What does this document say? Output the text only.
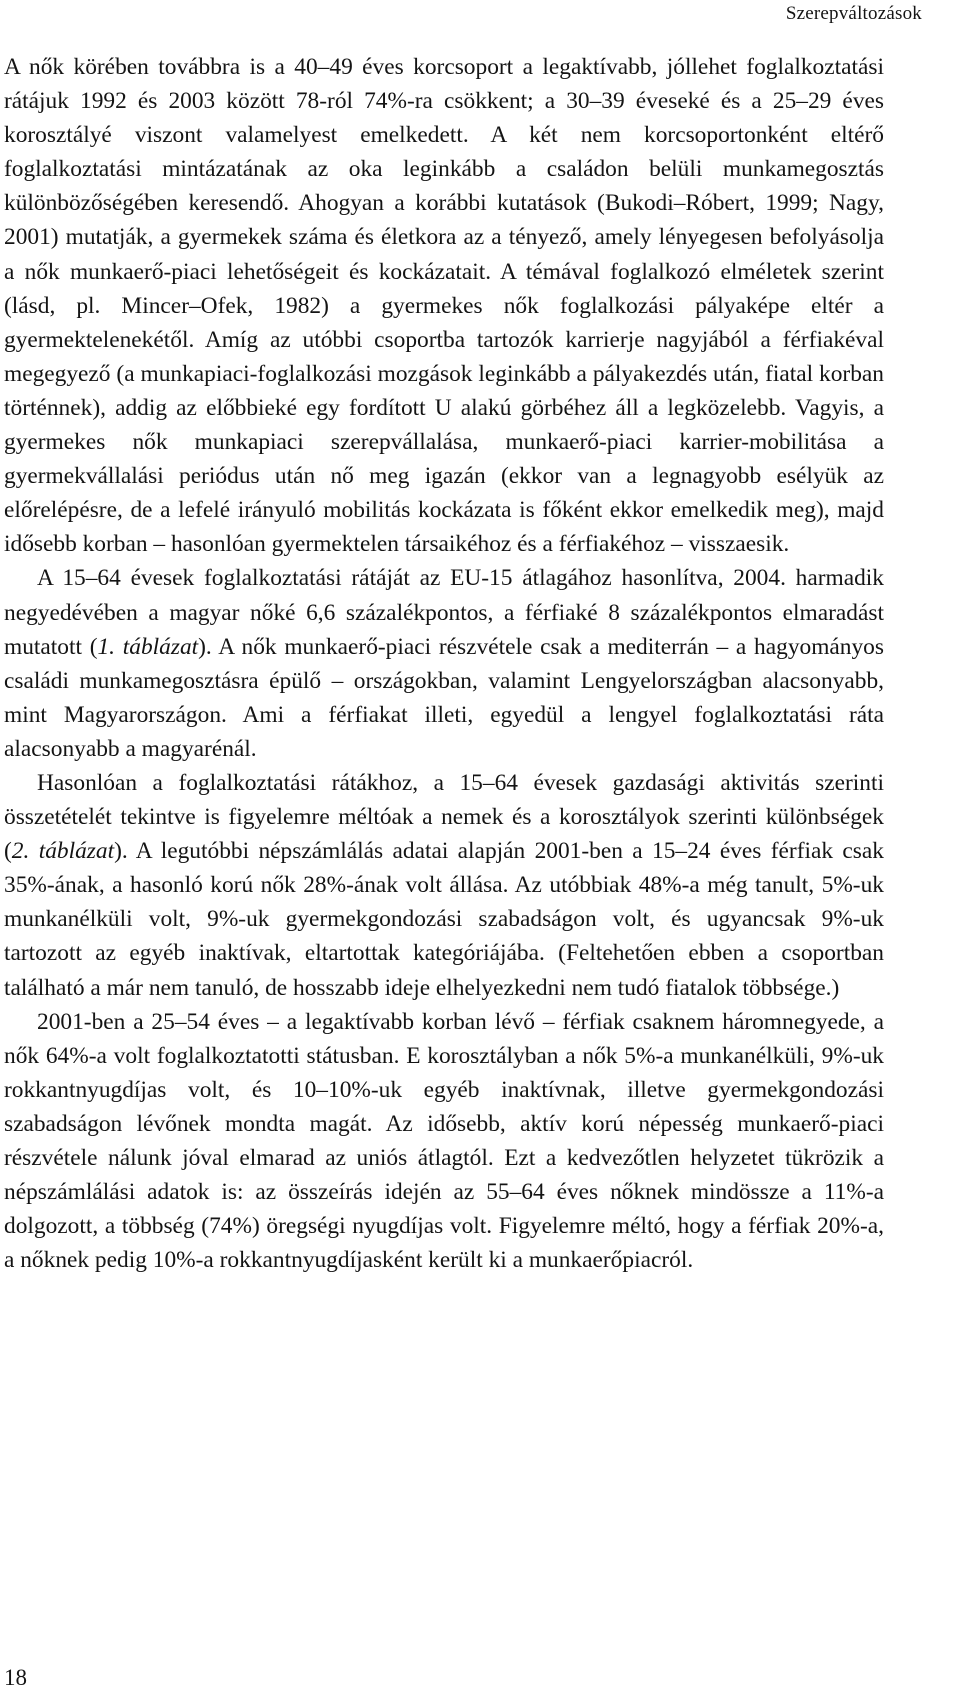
Szerepváltozások

A nők körében továbbra is a 40–49 éves korcsoport a legaktívabb, jóllehet foglalkoztatási rátájuk 1992 és 2003 között 78-ról 74%-ra csökkent; a 30–39 éveseké és a 25–29 éves korosztályé viszont valamelyest emelkedett. A két nem korcsoportonként eltérő foglalkoztatási mintázatának az oka leginkább a családon belüli munkamegosztás különbözőségében keresendő. Ahogyan a korábbi kutatások (Bukodi–Róbert, 1999; Nagy, 2001) mutatják, a gyermekek száma és életkora az a tényező, amely lényegesen befolyásolja a nők munkaerő-piaci lehetőségeit és kockázatait. A témával foglalkozó elméletek szerint (lásd, pl. Mincer–Ofek, 1982) a gyermekes nők foglalkozási pályaképe eltér a gyermektelenekétől. Amíg az utóbbi csoportba tartozók karrierje nagyjából a férfiakéval megegyező (a munkapiaci-foglalkozási mozgások leginkább a pályakezdés után, fiatal korban történnek), addig az előbbieké egy fordított U alakú görbéhez áll a legközelebb. Vagyis, a gyermekes nők munkapiaci szerepvállalása, munkaerő-piaci karrier-mobilitása a gyermekvállalási periódus után nő meg igazán (ekkor van a legnagyobb esélyük az előrelépésre, de a lefelé irányuló mobilitás kockázata is főként ekkor emelkedik meg), majd idősebb korban – hasonlóan gyermektelen társaikéhoz és a férfiakéhoz – visszaesik.

A 15–64 évesek foglalkoztatási rátáját az EU-15 átlagához hasonlítva, 2004. harmadik negyedévében a magyar nőké 6,6 százalékpontos, a férfiaké 8 százalékpontos elmaradást mutatott (1. táblázat). A nők munkaerő-piaci részvétele csak a mediterrán – a hagyományos családi munkamegosztásra épülő – országokban, valamint Lengyelországban alacsonyabb, mint Magyarországon. Ami a férfiakat illeti, egyedül a lengyel foglalkoztatási ráta alacsonyabb a magyarénál.

Hasonlóan a foglalkoztatási rátákhoz, a 15–64 évesek gazdasági aktivitás szerinti összetételét tekintve is figyelemre méltóak a nemek és a korosztályok szerinti különbségek (2. táblázat). A legutóbbi népszámlálás adatai alapján 2001-ben a 15–24 éves férfiak csak 35%-ának, a hasonló korú nők 28%-ának volt állása. Az utóbbiak 48%-a még tanult, 5%-uk munkanélküli volt, 9%-uk gyermekgondozási szabadságon volt, és ugyancsak 9%-uk tartozott az egyéb inaktívak, eltartottak kategóriájába. (Feltehetően ebben a csoportban található a már nem tanuló, de hosszabb ideje elhelyezkedni nem tudó fiatalok többsége.)

2001-ben a 25–54 éves – a legaktívabb korban lévő – férfiak csaknem háromnegyede, a nők 64%-a volt foglalkoztatotti státusban. E korosztályban a nők 5%-a munkanélküli, 9%-uk rokkantnyugdíjas volt, és 10–10%-uk egyéb inaktívnak, illetve gyermekgondozási szabadságon lévőnek mondta magát. Az idősebb, aktív korú népesség munkaerő-piaci részvétele nálunk jóval elmarad az uniós átlagtól. Ezt a kedvezőtlen helyzetet tükrözik a népszámlálási adatok is: az összeírás idején az 55–64 éves nőknek mindössze a 11%-a dolgozott, a többség (74%) öregségi nyugdíjas volt. Figyelemre méltó, hogy a férfiak 20%-a, a nőknek pedig 10%-a rokkantnyugdíjasként került ki a munkaerőpiacról.

18
